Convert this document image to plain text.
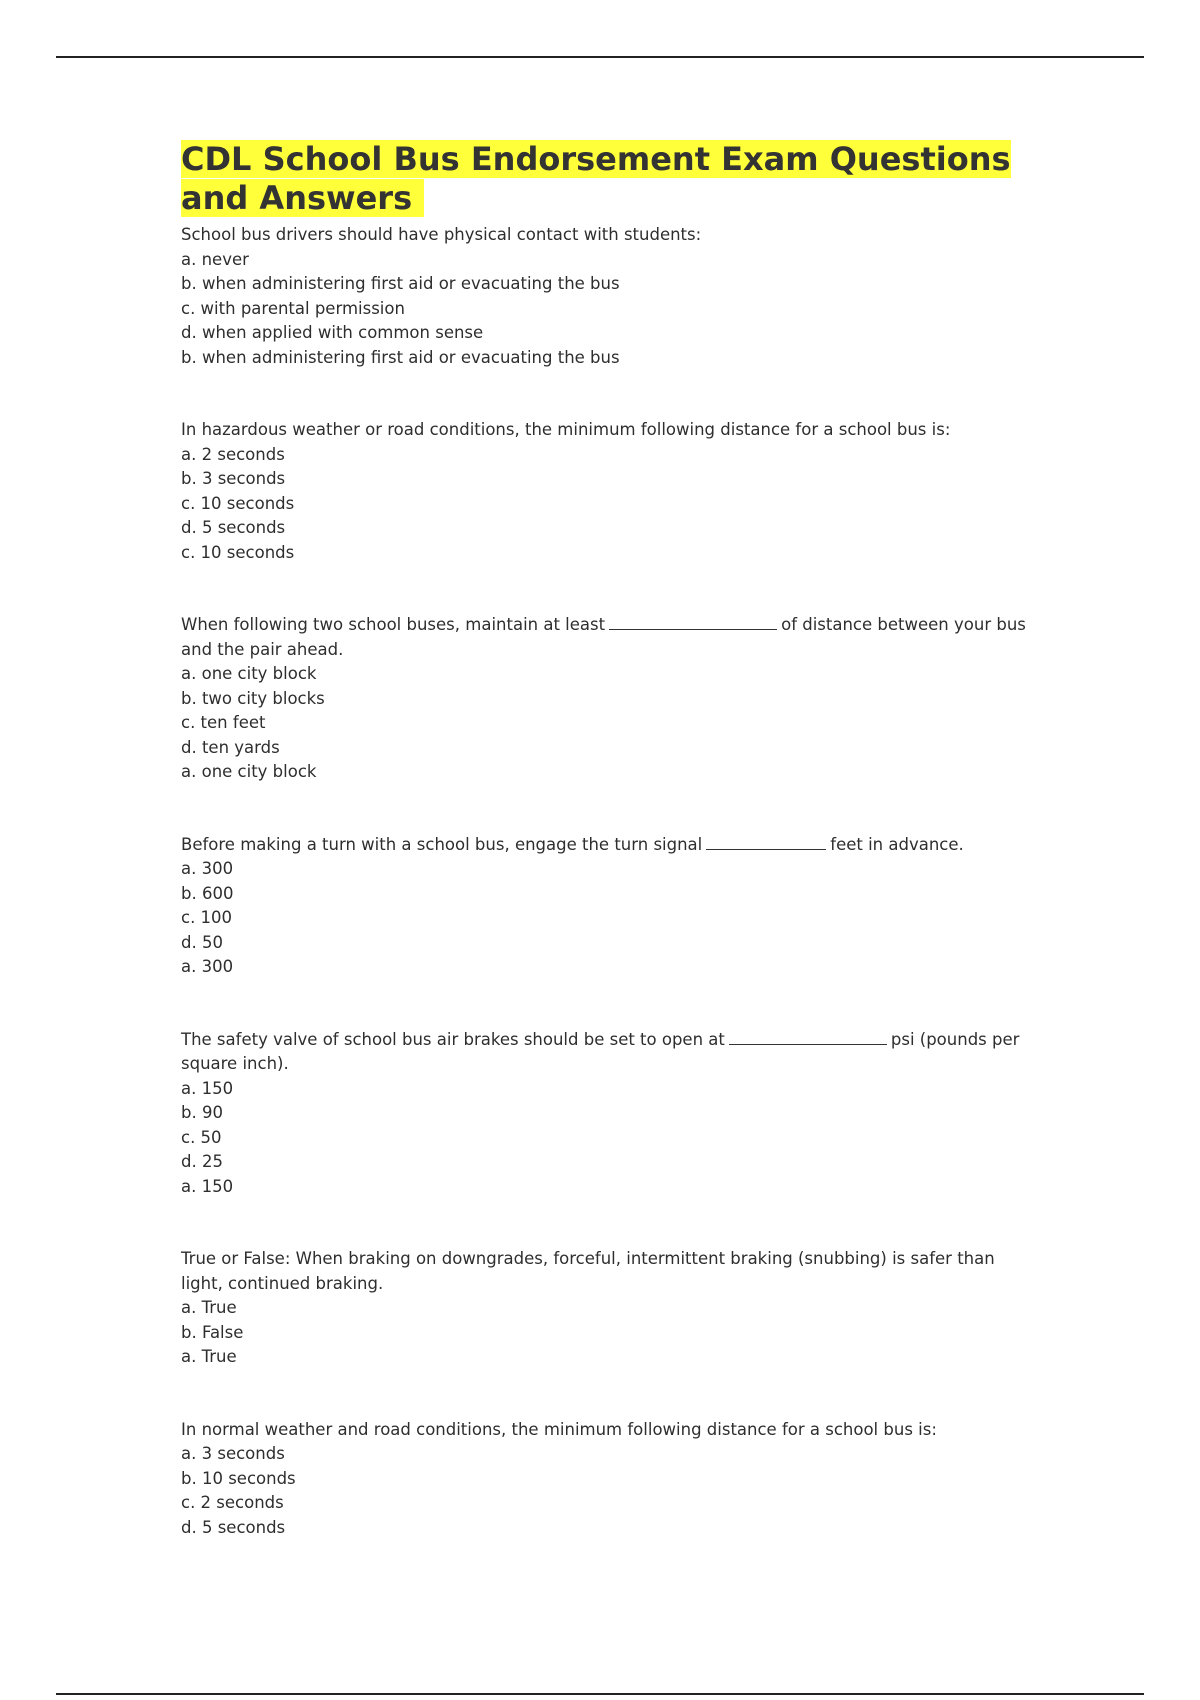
CDL School Bus Endorsement Exam Questions and Answers
School bus drivers should have physical contact with students:
a. never
b. when administering first aid or evacuating the bus
c. with parental permission
d. when applied with common sense
b. when administering first aid or evacuating the bus
In hazardous weather or road conditions, the minimum following distance for a school bus is:
a. 2 seconds
b. 3 seconds
c. 10 seconds
d. 5 seconds
c. 10 seconds
When following two school buses, maintain at least	of distance between your bus and the pair ahead.
a. one city block
b. two city blocks
c. ten feet
d. ten yards
a. one city block
Before making a turn with a school bus, engage the turn signal	feet in advance.
a. 300
b. 600
c. 100
d. 50
a. 300
The safety valve of school bus air brakes should be set to open at	psi (pounds per square inch).
a. 150
b. 90
c. 50
d. 25
a. 150
True or False: When braking on downgrades, forceful, intermittent braking (snubbing) is safer than light, continued braking.
a. True
b. False
a. True
In normal weather and road conditions, the minimum following distance for a school bus is:
a. 3 seconds
b. 10 seconds
c. 2 seconds
d. 5 seconds
